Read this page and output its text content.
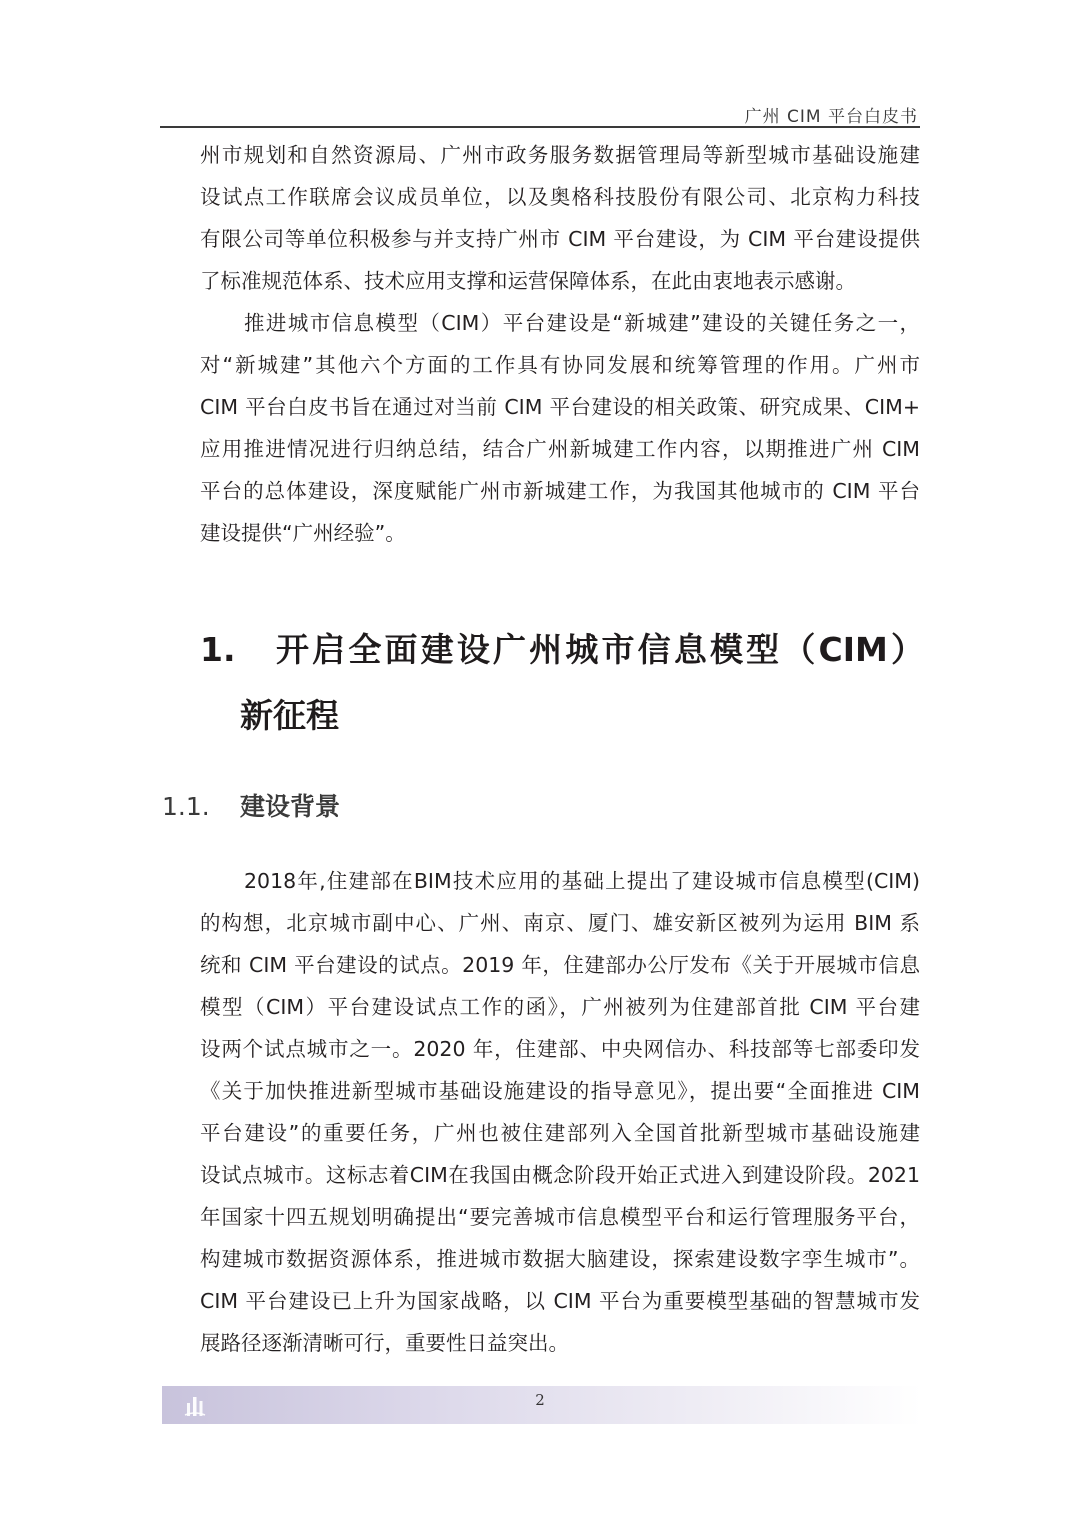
广州 CIM 平台白皮书
州市规划和自然资源局、广州市政务服务数据管理局等新型城市基础设施建
设试点工作联席会议成员单位，以及奥格科技股份有限公司、北京构力科技
有限公司等单位积极参与并支持广州市 CIM 平台建设，为 CIM 平台建设提供
了标准规范体系、技术应用支撑和运营保障体系，在此由衷地表示感谢。
推进城市信息模型（CIM）平台建设是“新城建”建设的关键任务之一，
对“新城建”其他六个方面的工作具有协同发展和统筹管理的作用。广州市
CIM 平台白皮书旨在通过对当前 CIM 平台建设的相关政策、研究成果、CIM+
应用推进情况进行归纳总结，结合广州新城建工作内容，以期推进广州 CIM
平台的总体建设，深度赋能广州市新城建工作，为我国其他城市的 CIM 平台
建设提供“广州经验”。
1. 开启全面建设广州城市信息模型（CIM）
新征程
1.1. 建设背景
2018年,住建部在BIM技术应用的基础上提出了建设城市信息模型(CIM)
的构想，北京城市副中心、广州、南京、厦门、雄安新区被列为运用 BIM 系
统和 CIM 平台建设的试点。2019 年，住建部办公厅发布《关于开展城市信息
模型（CIM）平台建设试点工作的函》，广州被列为住建部首批 CIM 平台建
设两个试点城市之一。2020 年，住建部、中央网信办、科技部等七部委印发
《关于加快推进新型城市基础设施建设的指导意见》，提出要“全面推进 CIM
平台建设”的重要任务，广州也被住建部列入全国首批新型城市基础设施建
设试点城市。这标志着CIM在我国由概念阶段开始正式进入到建设阶段。2021
年国家十四五规划明确提出“要完善城市信息模型平台和运行管理服务平台，
构建城市数据资源体系，推进城市数据大脑建设，探索建设数字孪生城市”。
CIM 平台建设已上升为国家战略，以 CIM 平台为重要模型基础的智慧城市发
展路径逐渐清晰可行，重要性日益突出。
2
